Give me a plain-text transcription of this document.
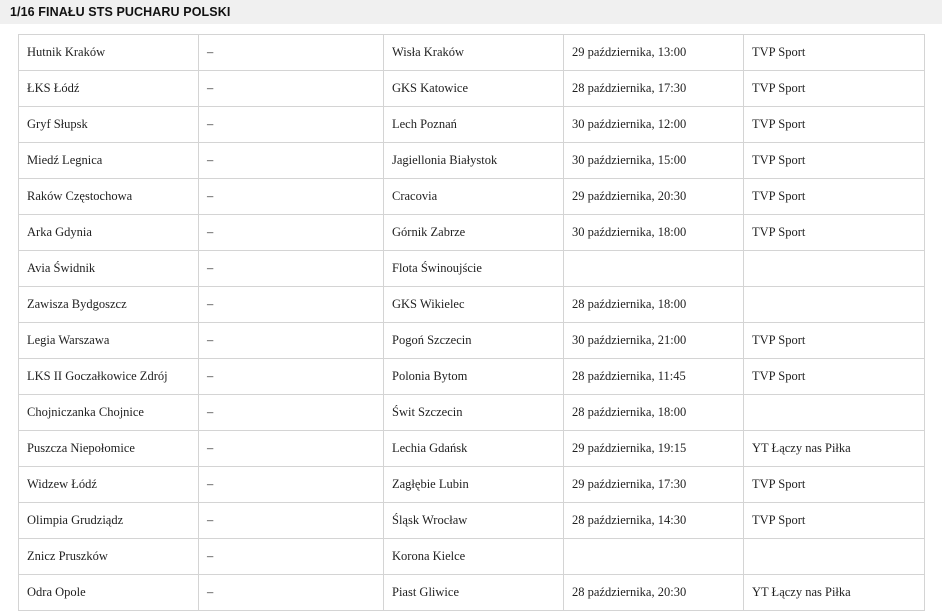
1/16 FINAŁU STS PUCHARU POLSKI
Hutnik Kraków	–	Wisła Kraków	29 października, 13:00	TVP Sport
ŁKS Łódź	–	GKS Katowice	28 października, 17:30	TVP Sport
Gryf Słupsk	–	Lech Poznań	30 października, 12:00	TVP Sport
Miedź Legnica	–	Jagiellonia Białystok	30 października, 15:00	TVP Sport
Raków Częstochowa	–	Cracovia	29 października, 20:30	TVP Sport
Arka Gdynia	–	Górnik Zabrze	30 października, 18:00	TVP Sport
Avia Świdnik	–	Flota Świnoujście		
Zawisza Bydgoszcz	–	GKS Wikielec	28 października, 18:00	
Legia Warszawa	–	Pogoń Szczecin	30 października, 21:00	TVP Sport
LKS II Goczałkowice Zdrój	–	Polonia Bytom	28 października, 11:45	TVP Sport
Chojniczanka Chojnice	–	Świt Szczecin	28 października, 18:00	
Puszcza Niepołomice	–	Lechia Gdańsk	29 października, 19:15	YT Łączy nas Piłka
Widzew Łódź	–	Zagłębie Lubin	29 października, 17:30	TVP Sport
Olimpia Grudziądz	–	Śląsk Wrocław	28 października, 14:30	TVP Sport
Znicz Pruszków	–	Korona Kielce		
Odra Opole	–	Piast Gliwice	28 października, 20:30	YT Łączy nas Piłka
